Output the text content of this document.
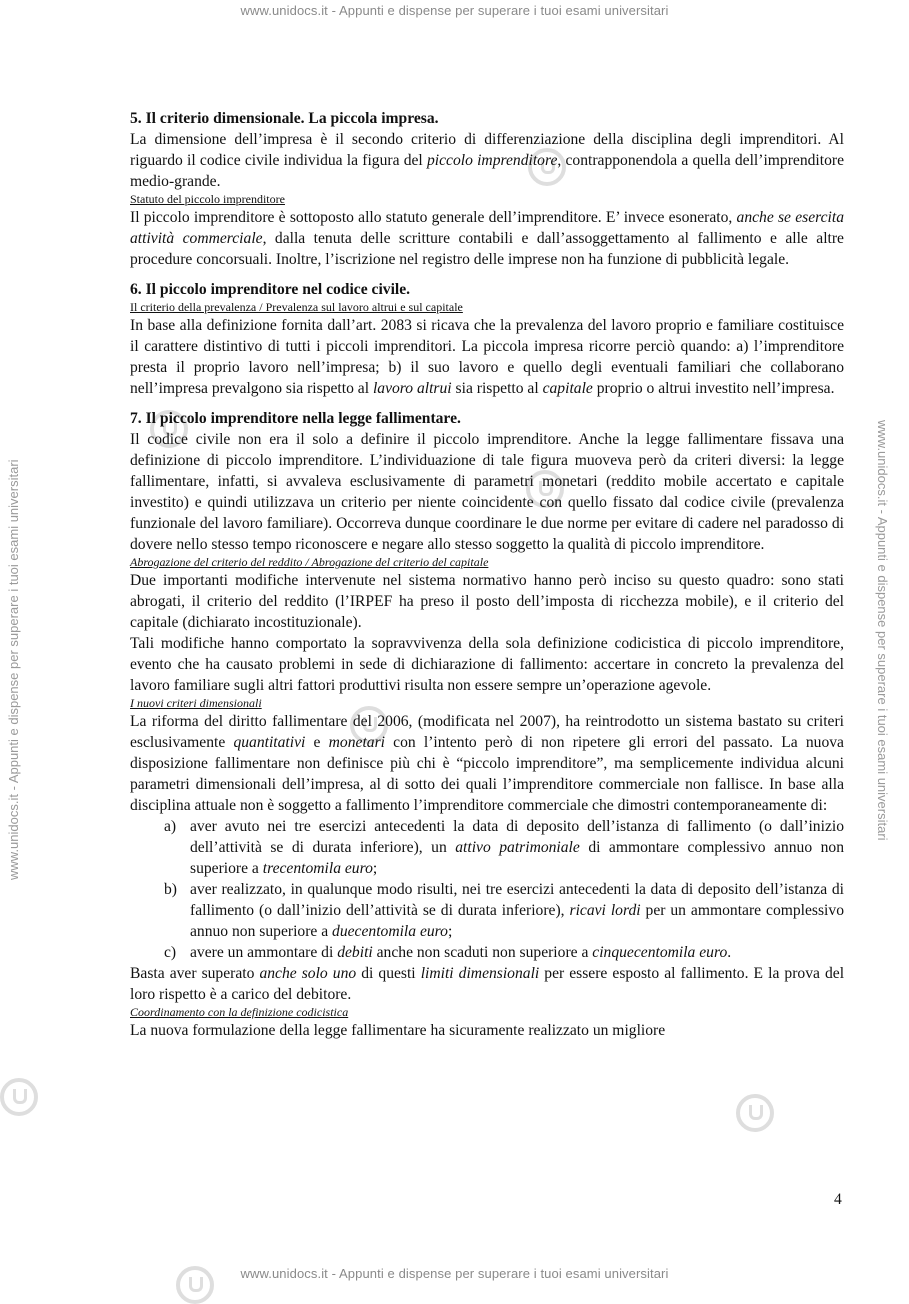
www.unidocs.it - Appunti e dispense per superare i tuoi esami universitari
www.unidocs.it - Appunti e dispense per superare i tuoi esami universitari
www.unidocs.it - Appunti e dispense per superare i tuoi esami universitari	www.unidocs.it - Appunti e dispense per superare i tuoi esami universitari
5. Il criterio dimensionale. La piccola impresa.

La dimensione dell’impresa è il secondo criterio di differenziazione della disciplina degli imprenditori. Al riguardo il codice civile individua la figura del piccolo imprenditore, contrapponendola a quella dell’imprenditore medio-grande.

Statuto del piccolo imprenditore

Il piccolo imprenditore è sottoposto allo statuto generale dell’imprenditore. E’ invece esonerato, anche se esercita attività commerciale, dalla tenuta delle scritture contabili e dall’assoggettamento al fallimento e alle altre procedure concorsuali. Inoltre, l’iscrizione nel registro delle imprese non ha funzione di pubblicità legale.

6. Il piccolo imprenditore nel codice civile.

Il criterio della prevalenza / Prevalenza sul lavoro altrui e sul capitale

In base alla definizione fornita dall’art. 2083 si ricava che la prevalenza del lavoro proprio e familiare costituisce il carattere distintivo di tutti i piccoli imprenditori. La piccola impresa ricorre perciò quando: a) l’imprenditore presta il proprio lavoro nell’impresa; b) il suo lavoro e quello degli eventuali familiari che collaborano nell’impresa prevalgono sia rispetto al lavoro altrui sia rispetto al capitale proprio o altrui investito nell’impresa.

7. Il piccolo imprenditore nella legge fallimentare.

Il codice civile non era il solo a definire il piccolo imprenditore. Anche la legge fallimentare fissava una definizione di piccolo imprenditore. L’individuazione di tale figura muoveva però da criteri diversi: la legge fallimentare, infatti, si avvaleva esclusivamente di parametri monetari (reddito mobile accertato e capitale investito) e quindi utilizzava un criterio per niente coincidente con quello fissato dal codice civile (prevalenza funzionale del lavoro familiare). Occorreva dunque coordinare le due norme per evitare di cadere nel paradosso di dovere nello stesso tempo riconoscere e negare allo stesso soggetto la qualità di piccolo imprenditore.

Abrogazione del criterio del reddito / Abrogazione del criterio del capitale

Due importanti modifiche intervenute nel sistema normativo hanno però inciso su questo quadro: sono stati abrogati, il criterio del reddito (l’IRPEF ha preso il posto dell’imposta di ricchezza mobile), e il criterio del capitale (dichiarato incostituzionale).

Tali modifiche hanno comportato la sopravvivenza della sola definizione codicistica di piccolo imprenditore, evento che ha causato problemi in sede di dichiarazione di fallimento: accertare in concreto la prevalenza del lavoro familiare sugli altri fattori produttivi risulta non essere sempre un’operazione agevole.

I nuovi criteri dimensionali

La riforma del diritto fallimentare del 2006, (modificata nel 2007), ha reintrodotto un sistema bastato su criteri esclusivamente quantitativi e monetari con l’intento però di non ripetere gli errori del passato. La nuova disposizione fallimentare non definisce più chi è “piccolo imprenditore”, ma semplicemente individua alcuni parametri dimensionali dell’impresa, al di sotto dei quali l’imprenditore commerciale non fallisce. In base alla disciplina attuale non è soggetto a fallimento l’imprenditore commerciale che dimostri contemporaneamente di:

a) aver avuto nei tre esercizi antecedenti la data di deposito dell’istanza di fallimento (o dall’inizio dell’attività se di durata inferiore), un attivo patrimoniale di ammontare complessivo annuo non superiore a trecentomila euro;
b) aver realizzato, in qualunque modo risulti, nei tre esercizi antecedenti la data di deposito dell’istanza di fallimento (o dall’inizio dell’attività se di durata inferiore), ricavi lordi per un ammontare complessivo annuo non superiore a duecentomila euro;
c) avere un ammontare di debiti anche non scaduti non superiore a cinquecentomila euro.

Basta aver superato anche solo uno di questi limiti dimensionali per essere esposto al fallimento. E la prova del loro rispetto è a carico del debitore.

Coordinamento con la definizione codicistica

La nuova formulazione della legge fallimentare ha sicuramente realizzato un migliore

4
